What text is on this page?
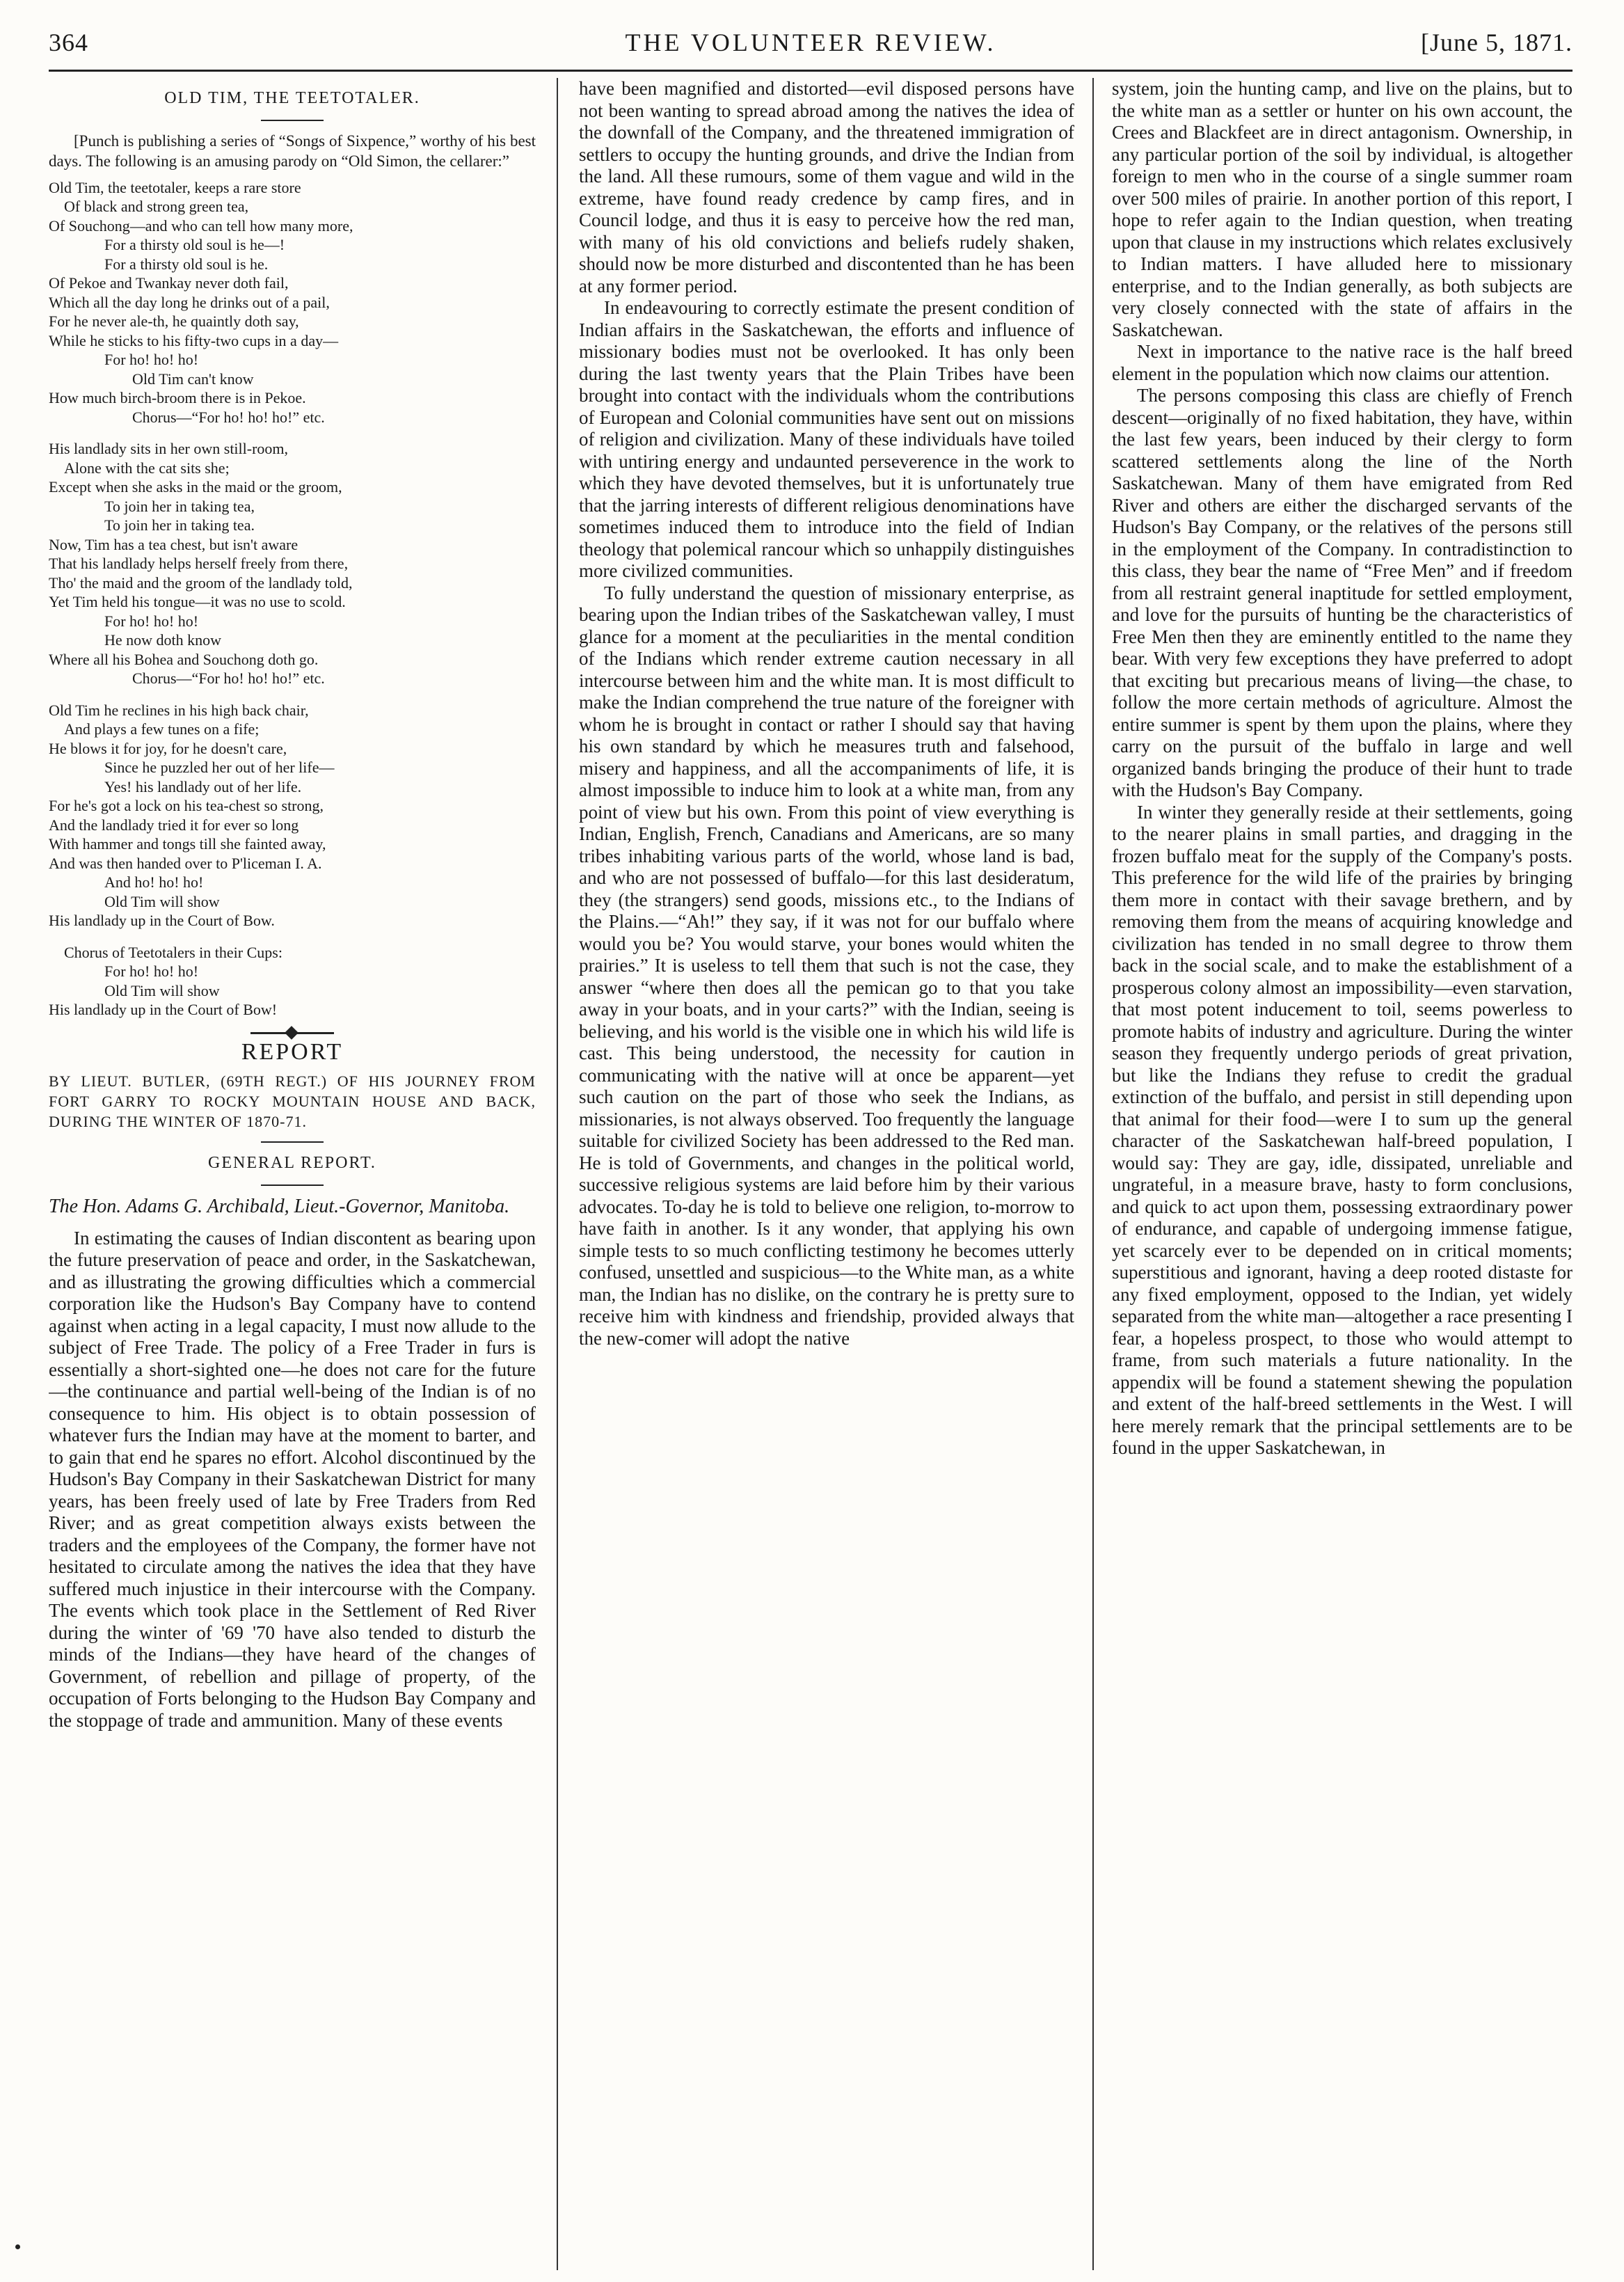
364	THE VOLUNTEER REVIEW.	[June 5, 1871.
OLD TIM, THE TEETOTALER.

[Punch is publishing a series of “Songs of Sixpence,” worthy of his best days. The following is an amusing parody on “Old Simon, the cellarer:”

Old Tim, the teetotaler, keeps a rare store
Of black and strong green tea,
Of Souchong—and who can tell how many more,
For a thirsty old soul is he—!
For a thirsty old soul is he.
Of Pekoe and Twankay never doth fail,
Which all the day long he drinks out of a pail,
For he never ale-th, he quaintly doth say,
While he sticks to his fifty-two cups in a day—
For ho! ho! ho!
Old Tim can't know
How much birch-broom there is in Pekoe.
Chorus—“For ho! ho! ho!” etc.
His landlady sits in her own still-room,
Alone with the cat sits she;
Except when she asks in the maid or the groom,
To join her in taking tea,
To join her in taking tea.
Now, Tim has a tea chest, but isn't aware
That his landlady helps herself freely from there,
Tho' the maid and the groom of the landlady told,
Yet Tim held his tongue—it was no use to scold.
For ho! ho! ho!
He now doth know
Where all his Bohea and Souchong doth go.
Chorus—“For ho! ho! ho!” etc.
Old Tim he reclines in his high back chair,
And plays a few tunes on a fife;
He blows it for joy, for he doesn't care,
Since he puzzled her out of her life—
Yes! his landlady out of her life.
For he's got a lock on his tea-chest so strong,
And the landlady tried it for ever so long
With hammer and tongs till she fainted away,
And was then handed over to P'liceman I. A.
And ho! ho! ho!
Old Tim will show
His landlady up in the Court of Bow.
Chorus of Teetotalers in their Cups:
For ho! ho! ho!
Old Tim will show
His landlady up in the Court of Bow!
REPORT
BY LIEUT. BUTLER, (69TH REGT.) OF HIS JOURNEY FROM FORT GARRY TO ROCKY MOUNTAIN HOUSE AND BACK, DURING THE WINTER OF 1870-71.
GENERAL REPORT.
The Hon. Adams G. Archibald, Lieut.-Governor, Manitoba.

In estimating the causes of Indian discontent as bearing upon the future preservation of peace and order, in the Saskatchewan, and as illustrating the growing difficulties which a commercial corporation like the Hudson's Bay Company have to contend against when acting in a legal capacity, I must now allude to the subject of Free Trade. The policy of a Free Trader in furs is essentially a short-sighted one—he does not care for the future—the continuance and partial well-being of the Indian is of no consequence to him. His object is to obtain possession of whatever furs the Indian may have at the moment to barter, and to gain that end he spares no effort. Alcohol discontinued by the Hudson's Bay Company in their Saskatchewan District for many years, has been freely used of late by Free Traders from Red River; and as great competition always exists between the traders and the employees of the Company, the former have not hesitated to circulate among the natives the idea that they have suffered much injustice in their intercourse with the Company. The events which took place in the Settlement of Red River during the winter of '69 '70 have also tended to disturb the minds of the Indians—they have heard of the changes of Government, of rebellion and pillage of property, of the occupation of Forts belonging to the Hudson Bay Company and the stoppage of trade and ammunition. Many of these events

have been magnified and distorted—evil disposed persons have not been wanting to spread abroad among the natives the idea of the downfall of the Company, and the threatened immigration of settlers to occupy the hunting grounds, and drive the Indian from the land. All these rumours, some of them vague and wild in the extreme, have found ready credence by camp fires, and in Council lodge, and thus it is easy to perceive how the red man, with many of his old convictions and beliefs rudely shaken, should now be more disturbed and discontented than he has been at any former period.

In endeavouring to correctly estimate the present condition of Indian affairs in the Saskatchewan, the efforts and influence of missionary bodies must not be overlooked. It has only been during the last twenty years that the Plain Tribes have been brought into contact with the individuals whom the contributions of European and Colonial communities have sent out on missions of religion and civilization. Many of these individuals have toiled with untiring energy and undaunted perseverence in the work to which they have devoted themselves, but it is unfortunately true that the jarring interests of different religious denominations have sometimes induced them to introduce into the field of Indian theology that polemical rancour which so unhappily distinguishes more civilized communities.

To fully understand the question of missionary enterprise, as bearing upon the Indian tribes of the Saskatchewan valley, I must glance for a moment at the peculiarities in the mental condition of the Indians which render extreme caution necessary in all intercourse between him and the white man. It is most difficult to make the Indian comprehend the true nature of the foreigner with whom he is brought in contact or rather I should say that having his own standard by which he measures truth and falsehood, misery and happiness, and all the accompaniments of life, it is almost impossible to induce him to look at a white man, from any point of view but his own. From this point of view everything is Indian, English, French, Canadians and Americans, are so many tribes inhabiting various parts of the world, whose land is bad, and who are not possessed of buffalo—for this last desideratum, they (the strangers) send goods, missions etc., to the Indians of the Plains.—“Ah!” they say, if it was not for our buffalo where would you be? You would starve, your bones would whiten the prairies.” It is useless to tell them that such is not the case, they answer “where then does all the pemican go to that you take away in your boats, and in your carts?” with the Indian, seeing is believing, and his world is the visible one in which his wild life is cast. This being understood, the necessity for caution in communicating with the native will at once be apparent—yet such caution on the part of those who seek the Indians, as missionaries, is not always observed. Too frequently the language suitable for civilized Society has been addressed to the Red man. He is told of Governments, and changes in the political world, successive religious systems are laid before him by their various advocates. To-day he is told to believe one religion, to-morrow to have faith in another. Is it any wonder, that applying his own simple tests to so much conflicting testimony he becomes utterly confused, unsettled and suspicious—to the White man, as a white man, the Indian has no dislike, on the contrary he is pretty sure to receive him with kindness and friendship, provided always that the new-comer will adopt the native

system, join the hunting camp, and live on the plains, but to the white man as a settler or hunter on his own account, the Crees and Blackfeet are in direct antagonism. Ownership, in any particular portion of the soil by individual, is altogether foreign to men who in the course of a single summer roam over 500 miles of prairie. In another portion of this report, I hope to refer again to the Indian question, when treating upon that clause in my instructions which relates exclusively to Indian matters. I have alluded here to missionary enterprise, and to the Indian generally, as both subjects are very closely connected with the state of affairs in the Saskatchewan.

Next in importance to the native race is the half breed element in the population which now claims our attention.

The persons composing this class are chiefly of French descent—originally of no fixed habitation, they have, within the last few years, been induced by their clergy to form scattered settlements along the line of the North Saskatchewan. Many of them have emigrated from Red River and others are either the discharged servants of the Hudson's Bay Company, or the relatives of the persons still in the employment of the Company. In contradistinction to this class, they bear the name of “Free Men” and if freedom from all restraint general inaptitude for settled employment, and love for the pursuits of hunting be the characteristics of Free Men then they are eminently entitled to the name they bear. With very few exceptions they have preferred to adopt that exciting but precarious means of living—the chase, to follow the more certain methods of agriculture. Almost the entire summer is spent by them upon the plains, where they carry on the pursuit of the buffalo in large and well organized bands bringing the produce of their hunt to trade with the Hudson's Bay Company.

In winter they generally reside at their settlements, going to the nearer plains in small parties, and dragging in the frozen buffalo meat for the supply of the Company's posts. This preference for the wild life of the prairies by bringing them more in contact with their savage brethern, and by removing them from the means of acquiring knowledge and civilization has tended in no small degree to throw them back in the social scale, and to make the establishment of a prosperous colony almost an impossibility—even starvation, that most potent inducement to toil, seems powerless to promote habits of industry and agriculture. During the winter season they frequently undergo periods of great privation, but like the Indians they refuse to credit the gradual extinction of the buffalo, and persist in still depending upon that animal for their food—were I to sum up the general character of the Saskatchewan half-breed population, I would say: They are gay, idle, dissipated, unreliable and ungrateful, in a measure brave, hasty to form conclusions, and quick to act upon them, possessing extraordinary power of endurance, and capable of undergoing immense fatigue, yet scarcely ever to be depended on in critical moments; superstitious and ignorant, having a deep rooted distaste for any fixed employment, opposed to the Indian, yet widely separated from the white man—altogether a race presenting I fear, a hopeless prospect, to those who would attempt to frame, from such materials a future nationality. In the appendix will be found a statement shewing the population and extent of the half-breed settlements in the West. I will here merely remark that the principal settlements are to be found in the upper Saskatchewan, in
